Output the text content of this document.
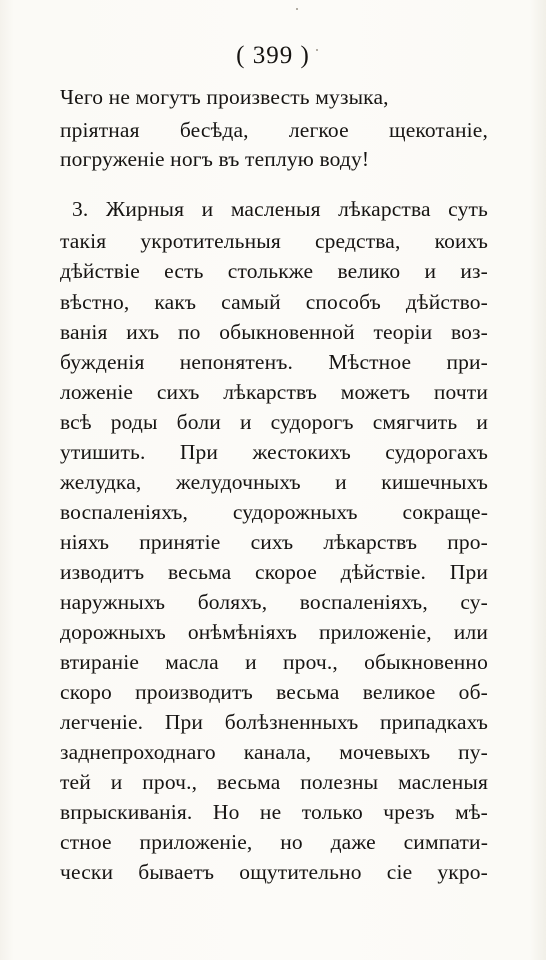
( 399 )
Чего не могутъ произвесть музыка,
пріятная бесѣда, легкое щекотаніе,
погруженіе ногъ въ теплую воду!
3. Жирныя и масленыя лѣкарства суть
такія укротительныя средства, коихъ
дѣйствіе есть столькже велико и из-
вѣстно, какъ самый способъ дѣйство-
ванія ихъ по обыкновенной теоріи воз-
бужденія непонятенъ. Мѣстное при-
ложеніе сихъ лѣкарствъ можетъ почти
всѣ роды боли и судорогъ смягчить и
утишить. При жестокихъ судорогахъ
желудка, желудочныхъ и кишечныхъ
воспаленіяхъ, судорожныхъ сокраще-
ніяхъ принятіе сихъ лѣкарствъ про-
изводитъ весьма скорое дѣйствіе. При
наружныхъ боляхъ, воспаленіяхъ, су-
дорожныхъ онѣмѣніяхъ приложеніе, или
втираніе масла и проч., обыкновенно
скоро производитъ весьма великое об-
легченіе. При болѣзненныхъ припадкахъ
заднепроходнаго канала, мочевыхъ пу-
тей и проч., весьма полезны масленыя
впрыскиванія. Но не только чрезъ мѣ-
стное приложеніе, но даже симпати-
чески бываетъ ощутительно сіе укро-
